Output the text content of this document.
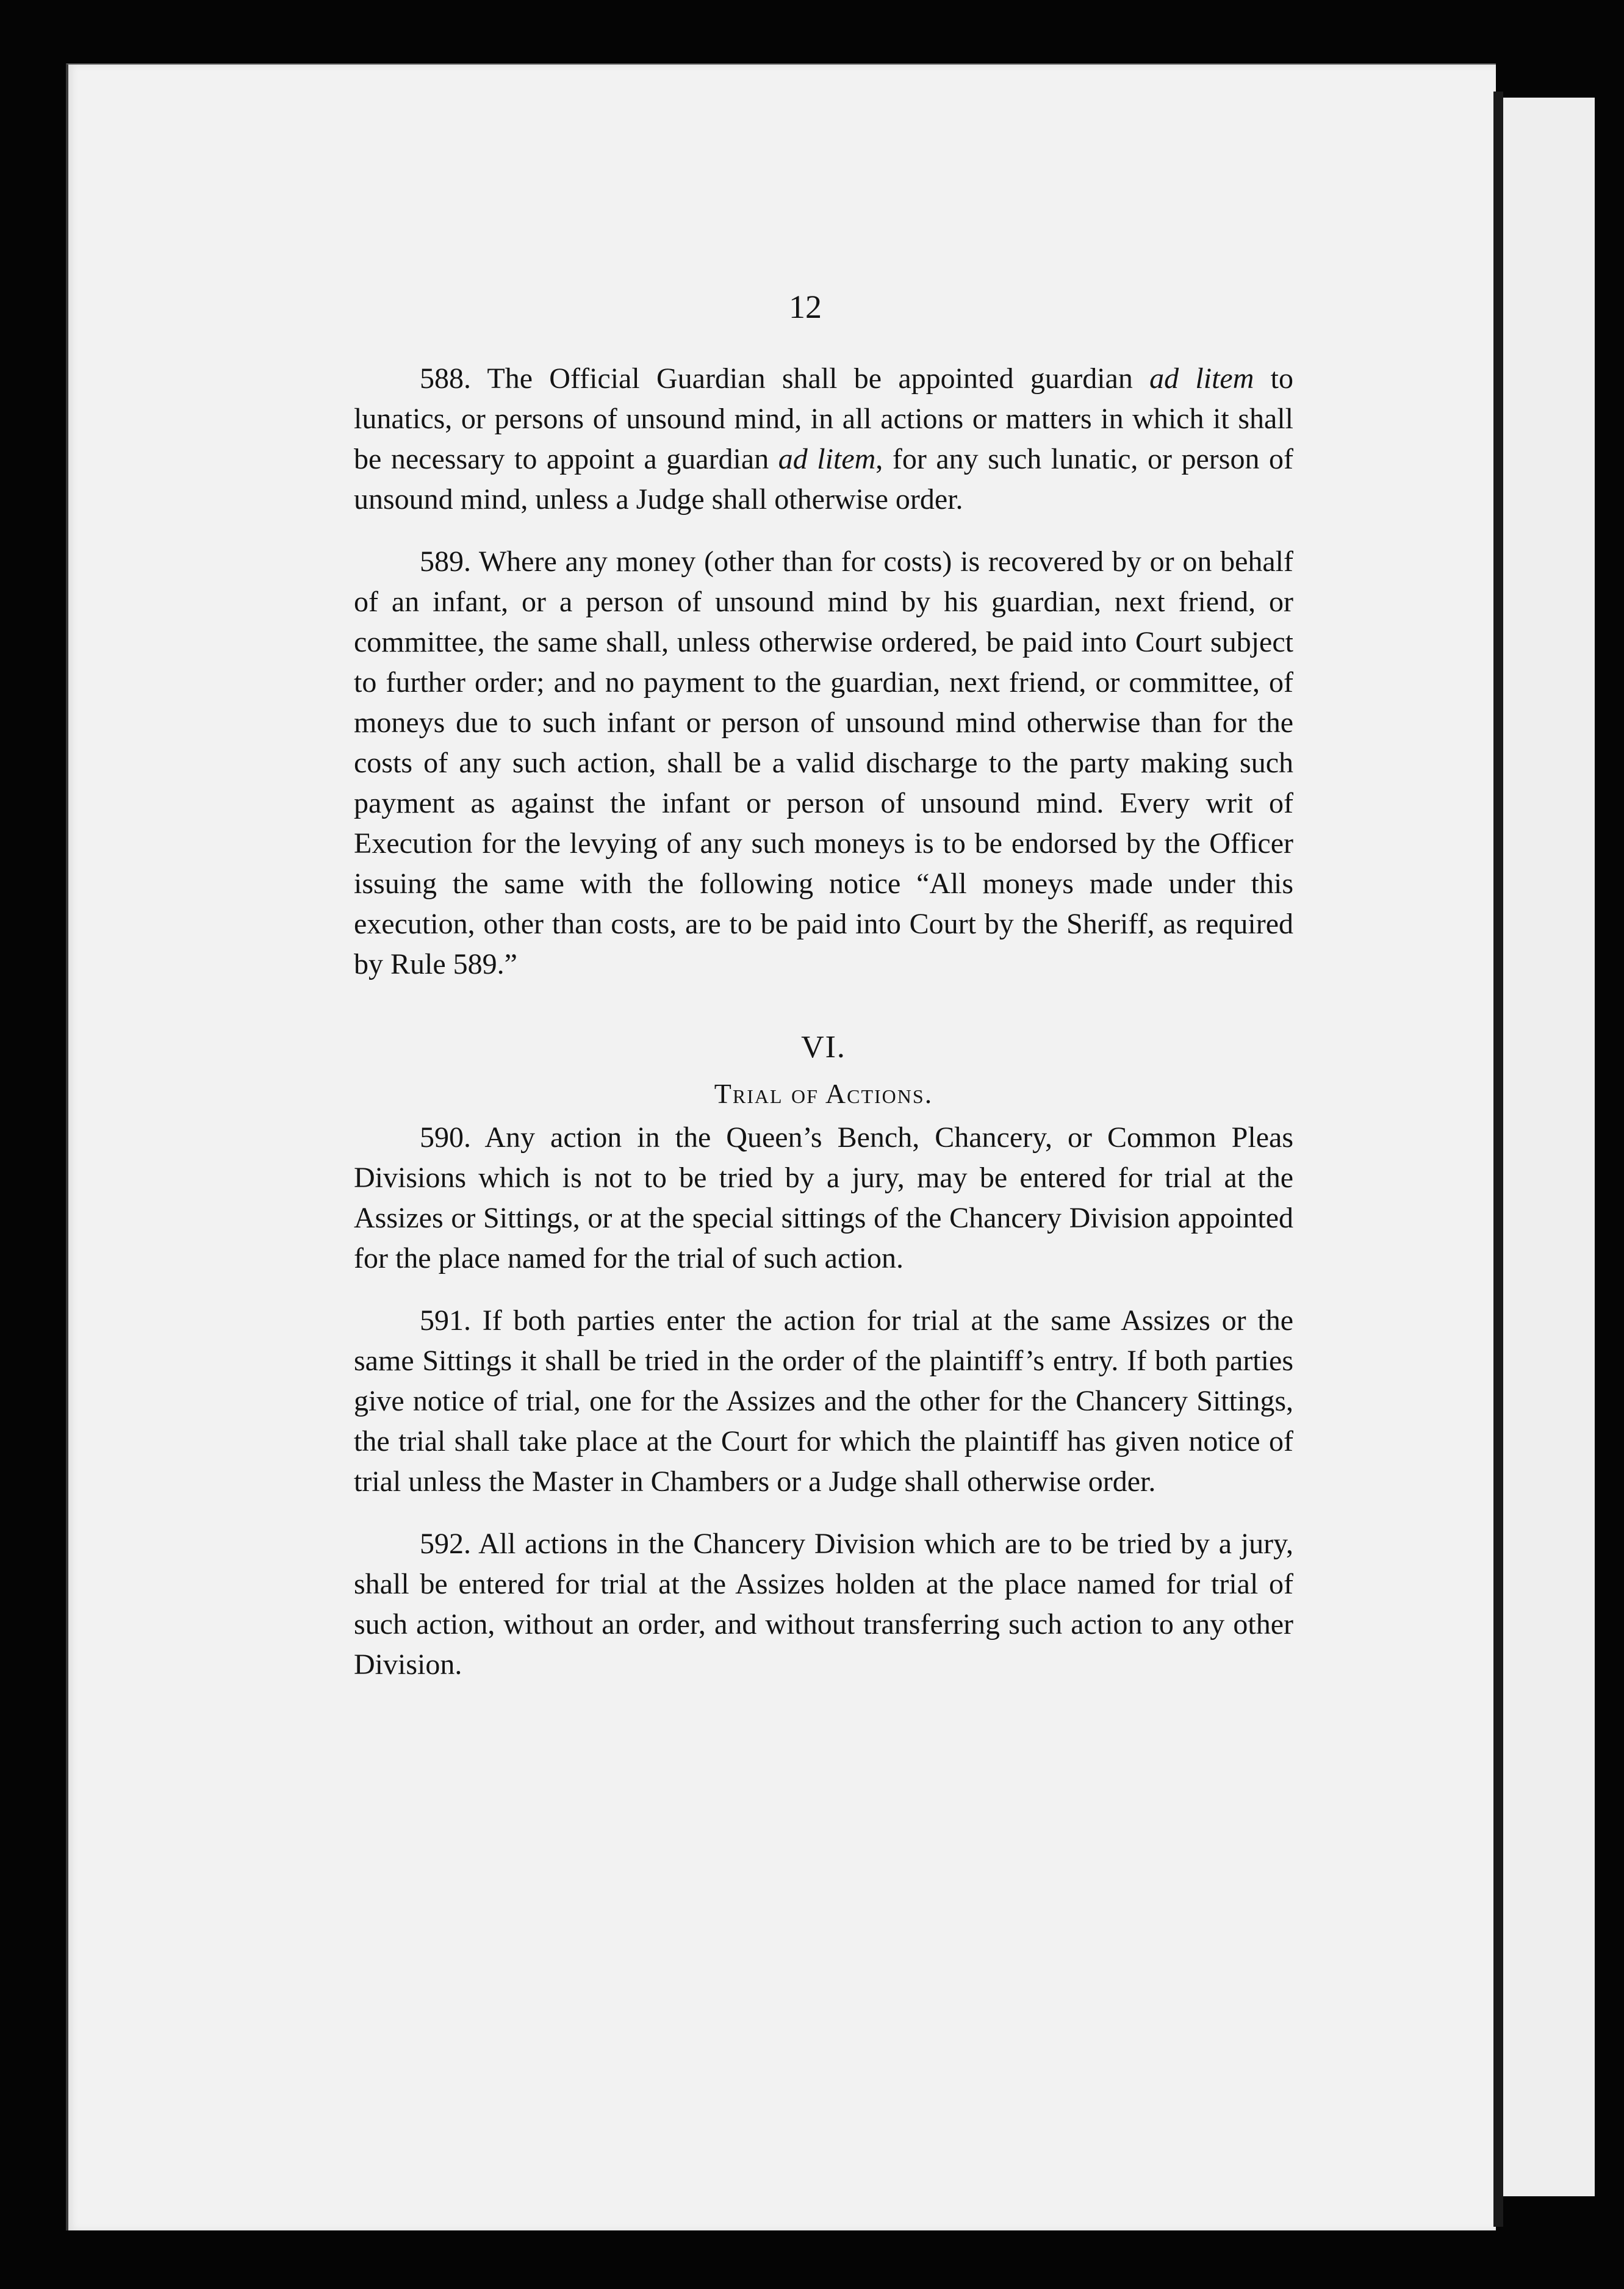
12

588. The Official Guardian shall be appointed guardian ad litem to lunatics, or persons of unsound mind, in all actions or matters in which it shall be necessary to appoint a guardian ad litem, for any such lunatic, or person of unsound mind, unless a Judge shall otherwise order.

589. Where any money (other than for costs) is recovered by or on behalf of an infant, or a person of unsound mind by his guardian, next friend, or committee, the same shall, unless otherwise ordered, be paid into Court subject to further order; and no payment to the guardian, next friend, or committee, of moneys due to such infant or person of unsound mind otherwise than for the costs of any such action, shall be a valid discharge to the party making such payment as against the infant or person of unsound mind. Every writ of Execution for the levying of any such moneys is to be endorsed by the Officer issuing the same with the following notice “All moneys made under this execution, other than costs, are to be paid into Court by the Sheriff, as required by Rule 589.”

VI.
Trial of Actions.

590. Any action in the Queen’s Bench, Chancery, or Common Pleas Divisions which is not to be tried by a jury, may be entered for trial at the Assizes or Sittings, or at the special sittings of the Chancery Division appointed for the place named for the trial of such action.

591. If both parties enter the action for trial at the same Assizes or the same Sittings it shall be tried in the order of the plaintiff’s entry. If both parties give notice of trial, one for the Assizes and the other for the Chancery Sittings, the trial shall take place at the Court for which the plaintiff has given notice of trial unless the Master in Chambers or a Judge shall otherwise order.

592. All actions in the Chancery Division which are to be tried by a jury, shall be entered for trial at the Assizes holden at the place named for trial of such action, without an order, and without transferring such action to any other Division.
